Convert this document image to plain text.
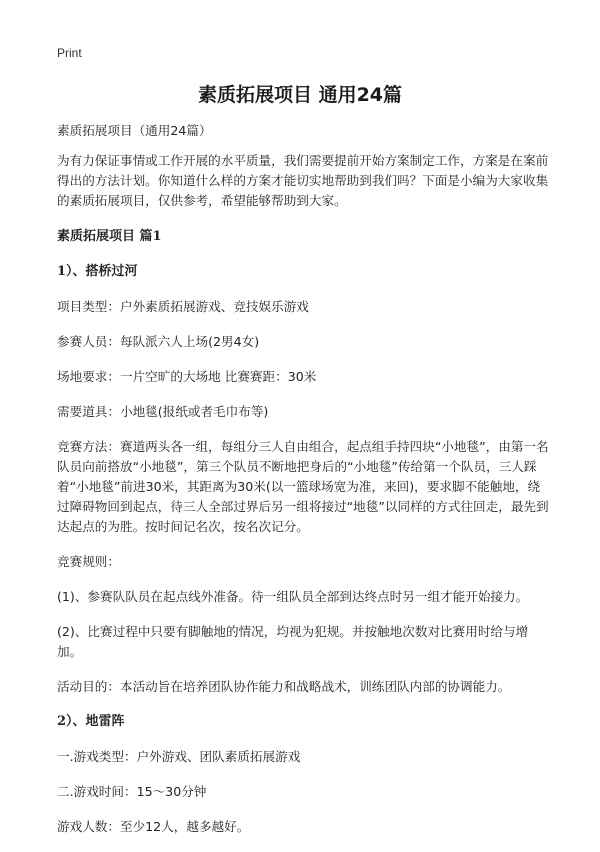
Print
素质拓展项目 通用24篇

素质拓展项目（通用24篇）

为有力保证事情或工作开展的水平质量，我们需要提前开始方案制定工作，方案是在案前得出的方法计划。你知道什么样的方案才能切实地帮助到我们吗？下面是小编为大家收集的素质拓展项目，仅供参考，希望能够帮助到大家。

素质拓展项目 篇1
1）、搭桥过河

项目类型：户外素质拓展游戏、竞技娱乐游戏

参赛人员：每队派六人上场(2男4女)

场地要求：一片空旷的大场地 比赛赛距：30米

需要道具：小地毯(报纸或者毛巾布等)

竞赛方法：赛道两头各一组，每组分三人自由组合，起点组手持四块“小地毯”，由第一名队员向前搭放“小地毯”，第三个队员不断地把身后的“小地毯”传给第一个队员，三人踩着“小地毯”前进30米，其距离为30米(以一篮球场宽为准，来回)，要求脚不能触地，绕过障碍物回到起点，待三人全部过界后另一组将接过“地毯”以同样的方式往回走，最先到达起点的为胜。按时间记名次，按名次记分。

竞赛规则：

(1)、参赛队队员在起点线外准备。待一组队员全部到达终点时另一组才能开始接力。

(2)、比赛过程中只要有脚触地的情况，均视为犯规。并按触地次数对比赛用时给与增加。

活动目的：本活动旨在培养团队协作能力和战略战术，训练团队内部的协调能力。

2）、地雷阵

一.游戏类型：户外游戏、团队素质拓展游戏

二.游戏时间：15～30分钟

游戏人数：至少12人，越多越好。
